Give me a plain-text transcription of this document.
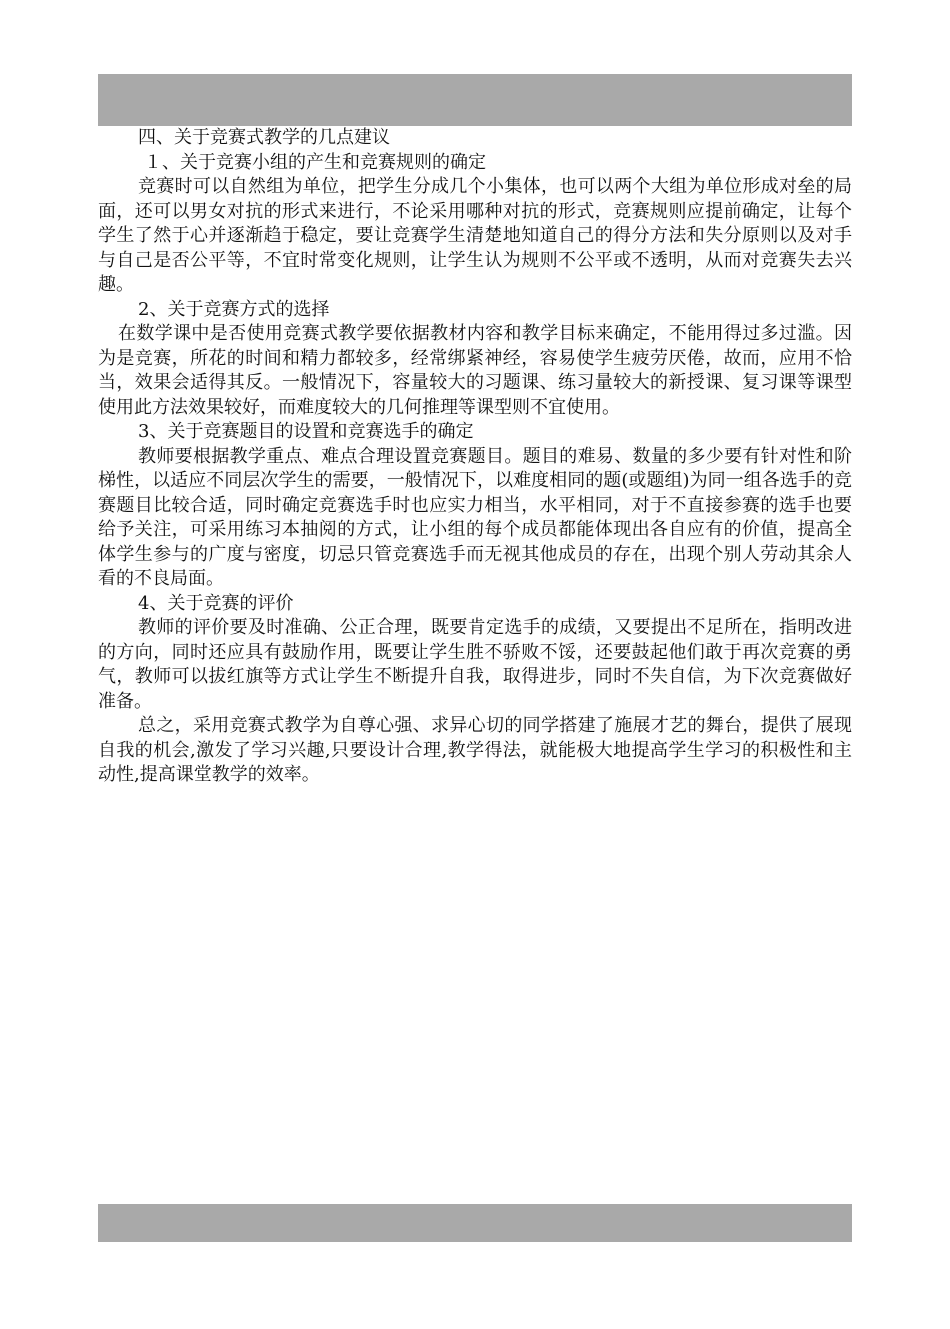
四、关于竞赛式教学的几点建议

１、关于竞赛小组的产生和竞赛规则的确定

竞赛时可以自然组为单位，把学生分成几个小集体，也可以两个大组为单位形成对垒的局面，还可以男女对抗的形式来进行，不论采用哪种对抗的形式，竞赛规则应提前确定，让每个学生了然于心并逐渐趋于稳定，要让竞赛学生清楚地知道自己的得分方法和失分原则以及对手与自己是否公平等，不宜时常变化规则，让学生认为规则不公平或不透明，从而对竞赛失去兴趣。

2、关于竞赛方式的选择

在数学课中是否使用竞赛式教学要依据教材内容和教学目标来确定，不能用得过多过滥。因为是竞赛，所花的时间和精力都较多，经常绑紧神经，容易使学生疲劳厌倦，故而，应用不恰当，效果会适得其反。一般情况下，容量较大的习题课、练习量较大的新授课、复习课等课型使用此方法效果较好，而难度较大的几何推理等课型则不宜使用。

3、关于竞赛题目的设置和竞赛选手的确定

教师要根据教学重点、难点合理设置竞赛题目。题目的难易、数量的多少要有针对性和阶梯性，以适应不同层次学生的需要，一般情况下，以难度相同的题(或题组)为同一组各选手的竞赛题目比较合适，同时确定竞赛选手时也应实力相当，水平相同，对于不直接参赛的选手也要给予关注，可采用练习本抽阅的方式，让小组的每个成员都能体现出各自应有的价值，提高全体学生参与的广度与密度，切忌只管竞赛选手而无视其他成员的存在，出现个别人劳动其余人看的不良局面。

4、关于竞赛的评价

教师的评价要及时准确、公正合理，既要肯定选手的成绩，又要提出不足所在，指明改进的方向，同时还应具有鼓励作用，既要让学生胜不骄败不馁，还要鼓起他们敢于再次竞赛的勇气，教师可以拔红旗等方式让学生不断提升自我，取得进步，同时不失自信，为下次竞赛做好准备。

总之，采用竞赛式教学为自尊心强、求异心切的同学搭建了施展才艺的舞台，提供了展现自我的机会,激发了学习兴趣,只要设计合理,教学得法，就能极大地提高学生学习的积极性和主动性,提高课堂教学的效率。
